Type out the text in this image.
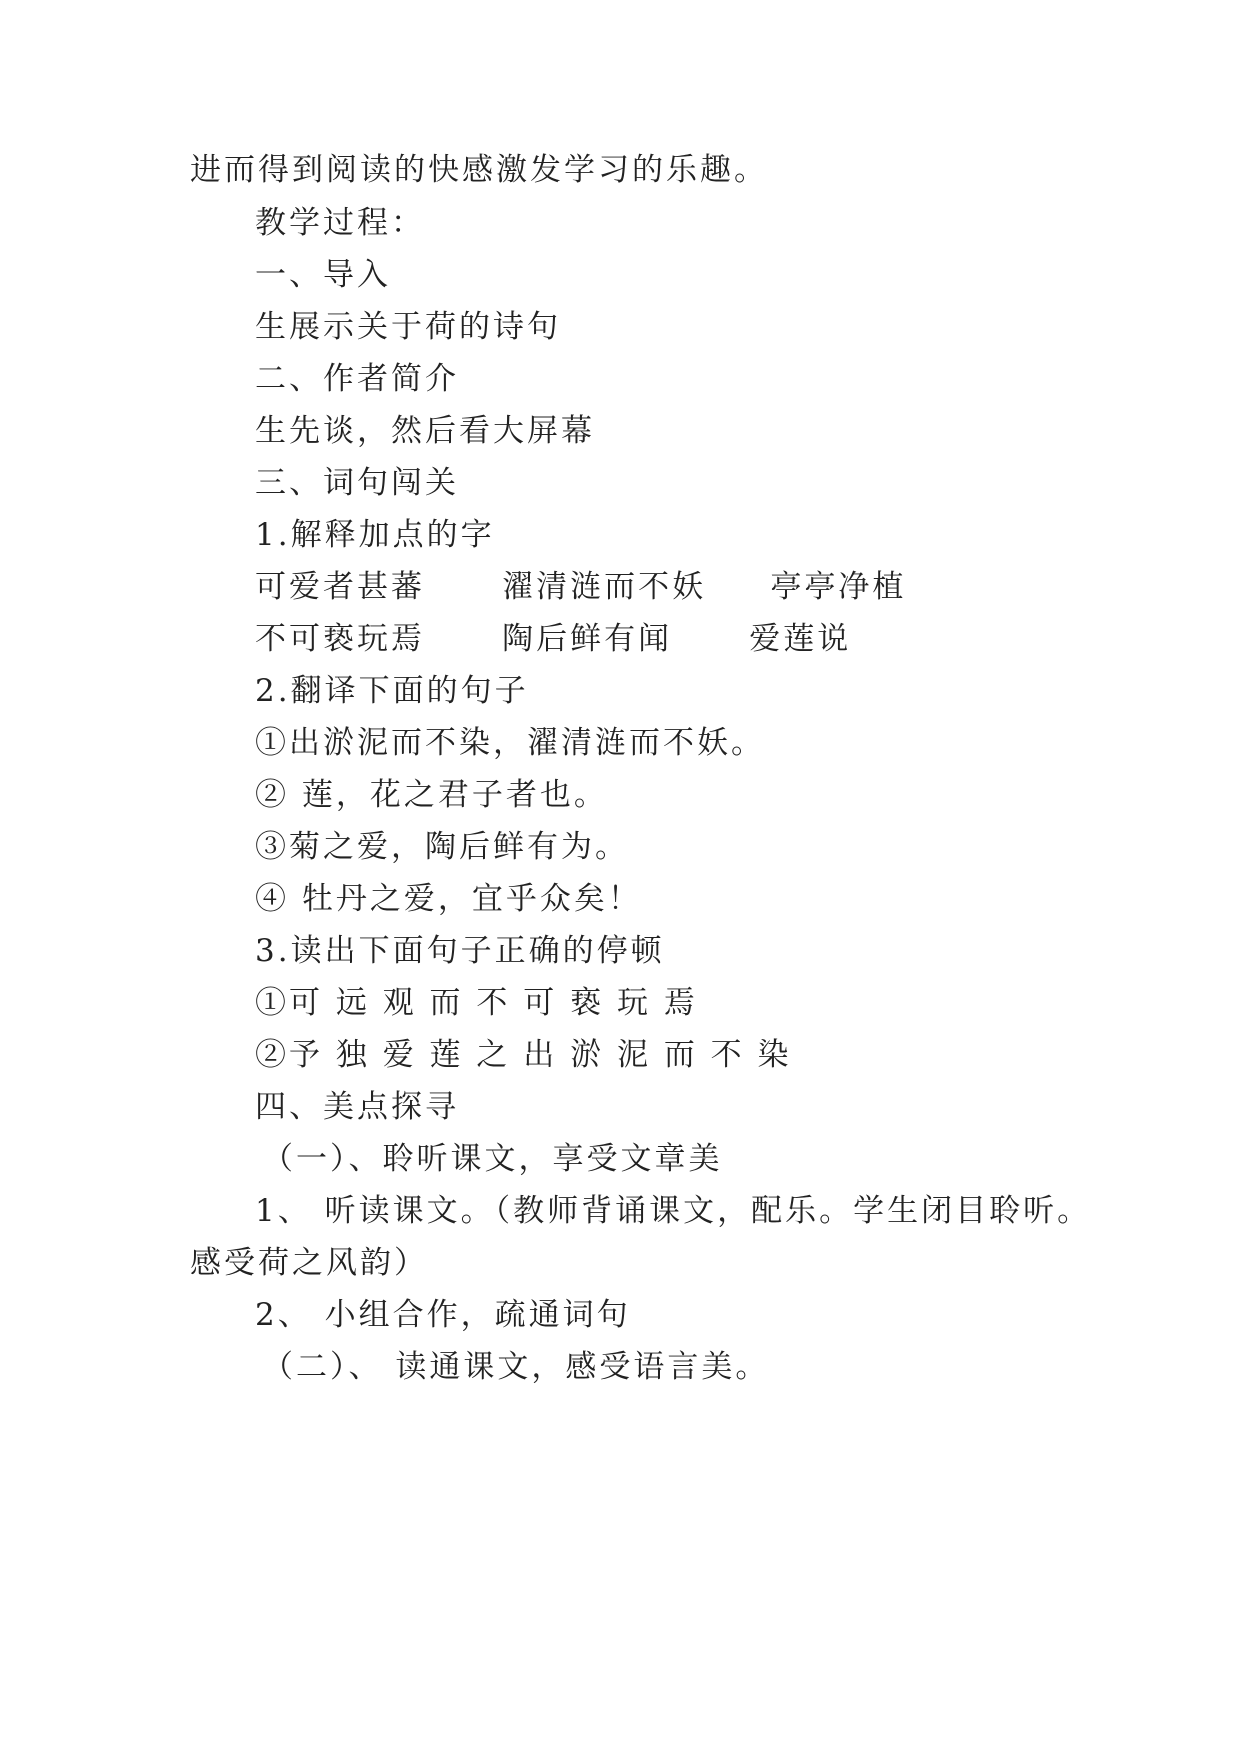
进而得到阅读的快感激发学习的乐趣。
教学过程：
一、导入
生展示关于荷的诗句
二、作者简介
生先谈，然后看大屏幕
三、词句闯关
1.解释加点的字
可爱者甚蕃      濯清涟而不妖     亭亭净植
不可亵玩焉      陶后鲜有闻      爱莲说
2.翻译下面的句子
①出淤泥而不染，濯清涟而不妖。
② 莲，花之君子者也。
③菊之爱，陶后鲜有为。
④ 牡丹之爱，宜乎众矣！
3.读出下面句子正确的停顿
①可 远 观 而 不 可 亵 玩 焉
②予 独 爱 莲 之 出 淤 泥 而 不 染
四、美点探寻
（一）、聆听课文，享受文章美
1、 听读课文。（教师背诵课文，配乐。学生闭目聆听。
感受荷之风韵）
2、 小组合作，疏通词句
（二）、 读通课文，感受语言美。
